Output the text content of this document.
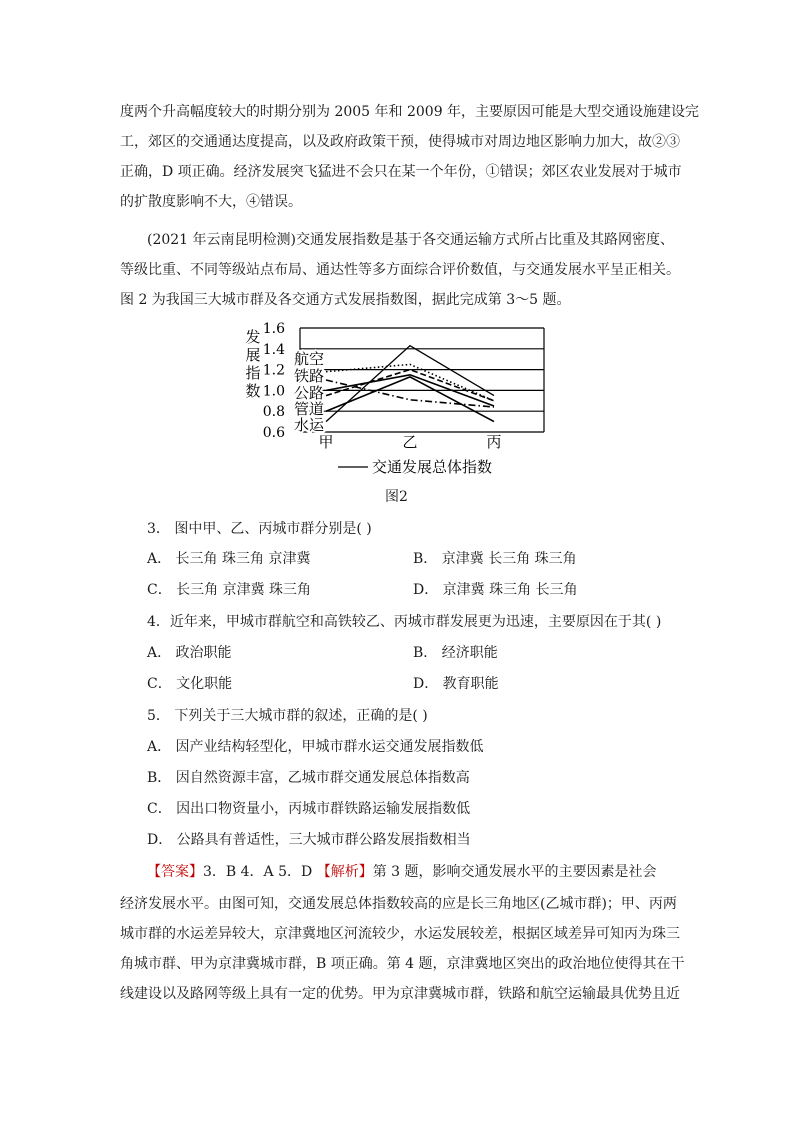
度两个升高幅度较大的时期分别为 2005 年和 2009 年，主要原因可能是大型交通设施建设完
工，郊区的交通通达度提高，以及政府政策干预，使得城市对周边地区影响力加大，故②③
正确，D 项正确。经济发展突飞猛进不会只在某一个年份，①错误；郊区农业发展对于城市
的扩散度影响不大，④错误。
(2021 年云南昆明检测)交通发展指数是基于各交通运输方式所占比重及其路网密度、
等级比重、不同等级站点布局、通达性等多方面综合评价数值，与交通发展水平呈正相关。
图 2 为我国三大城市群及各交通方式发展指数图，据此完成第 3～5 题。
1.6
1.4
1.2
1.0
0.8
0.6
发
展
指
数
航空
铁路
公路
管道
水运
甲	乙	丙
交通发展总体指数
图2
3． 图中甲、乙、丙城市群分别是( )
A． 长三角 珠三角 京津冀	B． 京津冀 长三角 珠三角
C． 长三角 京津冀 珠三角	D． 京津冀 珠三角 长三角
4．近年来，甲城市群航空和高铁较乙、丙城市群发展更为迅速，主要原因在于其( )
A． 政治职能	B． 经济职能
C． 文化职能	D． 教育职能
5． 下列关于三大城市群的叙述，正确的是( )
A． 因产业结构轻型化，甲城市群水运交通发展指数低
B． 因自然资源丰富，乙城市群交通发展总体指数高
C． 因出口物资量小，丙城市群铁路运输发展指数低
D． 公路具有普适性，三大城市群公路发展指数相当
【答案】3．B 4．A 5．D 【解析】第 3 题，影响交通发展水平的主要因素是社会
经济发展水平。由图可知，交通发展总体指数较高的应是长三角地区(乙城市群)；甲、丙两
城市群的水运差异较大，京津冀地区河流较少，水运发展较差，根据区域差异可知丙为珠三
角城市群、甲为京津冀城市群，B 项正确。第 4 题，京津冀地区突出的政治地位使得其在干
线建设以及路网等级上具有一定的优势。甲为京津冀城市群，铁路和航空运输最具优势且近
